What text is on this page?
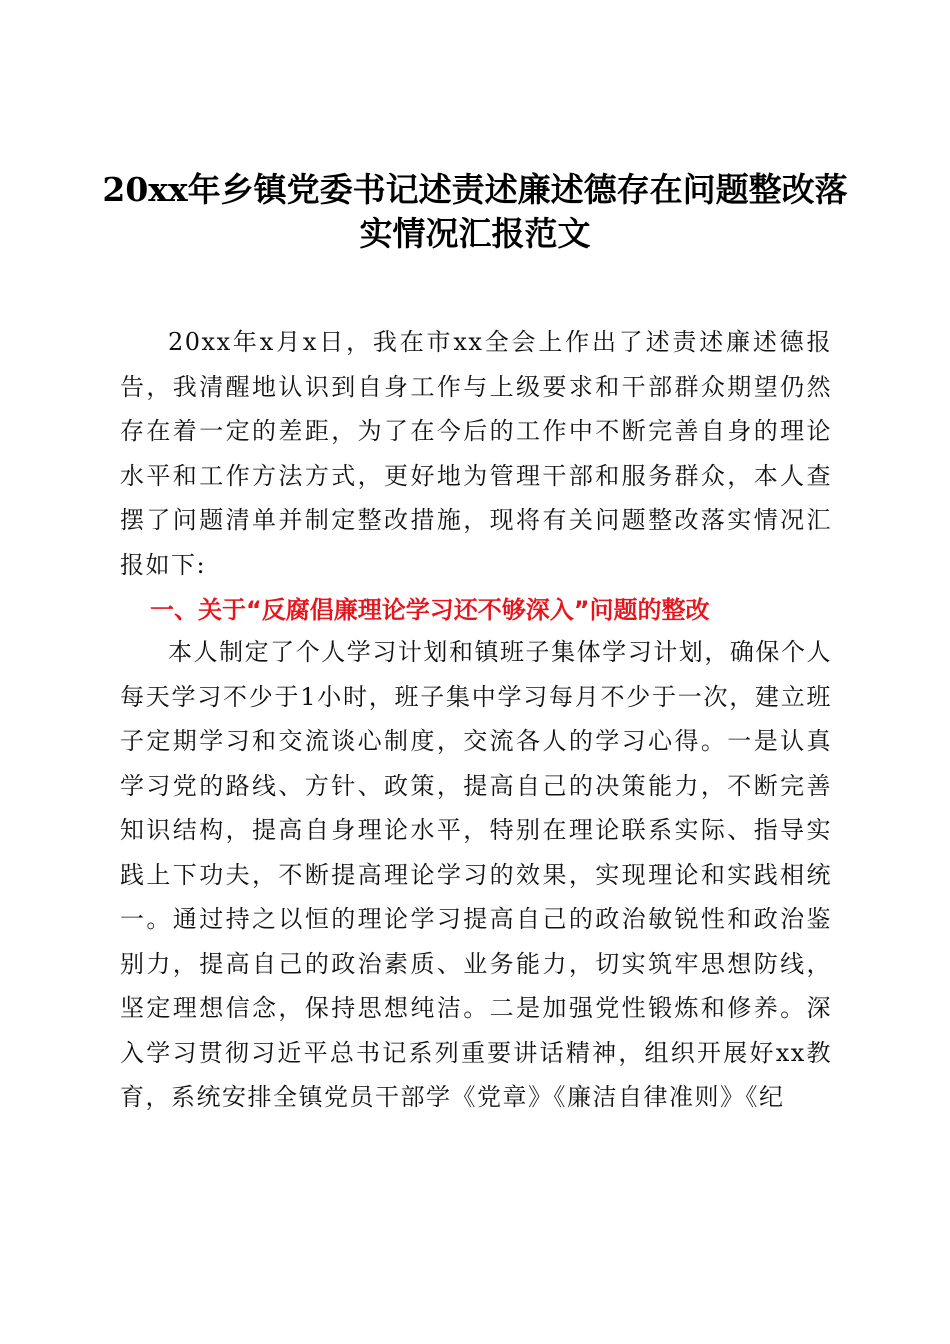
20xx年乡镇党委书记述责述廉述德存在问题整改落实情况汇报范文

20xx年x月x日，我在市xx全会上作出了述责述廉述德报告，我清醒地认识到自身工作与上级要求和干部群众期望仍然存在着一定的差距，为了在今后的工作中不断完善自身的理论水平和工作方法方式，更好地为管理干部和服务群众，本人查摆了问题清单并制定整改措施，现将有关问题整改落实情况汇报如下:

一、关于“反腐倡廉理论学习还不够深入”问题的整改

本人制定了个人学习计划和镇班子集体学习计划，确保个人每天学习不少于1小时，班子集中学习每月不少于一次，建立班子定期学习和交流谈心制度，交流各人的学习心得。一是认真学习党的路线、方针、政策，提高自己的决策能力，不断完善知识结构，提高自身理论水平，特别在理论联系实际、指导实践上下功夫，不断提高理论学习的效果，实现理论和实践相统一。通过持之以恒的理论学习提高自己的政治敏锐性和政治鉴别力，提高自己的政治素质、业务能力，切实筑牢思想防线，坚定理想信念，保持思想纯洁。二是加强党性锻炼和修养。深入学习贯彻习近平总书记系列重要讲话精神，组织开展好xx教育，系统安排全镇党员干部学《党章》《廉洁自律准则》《纪
